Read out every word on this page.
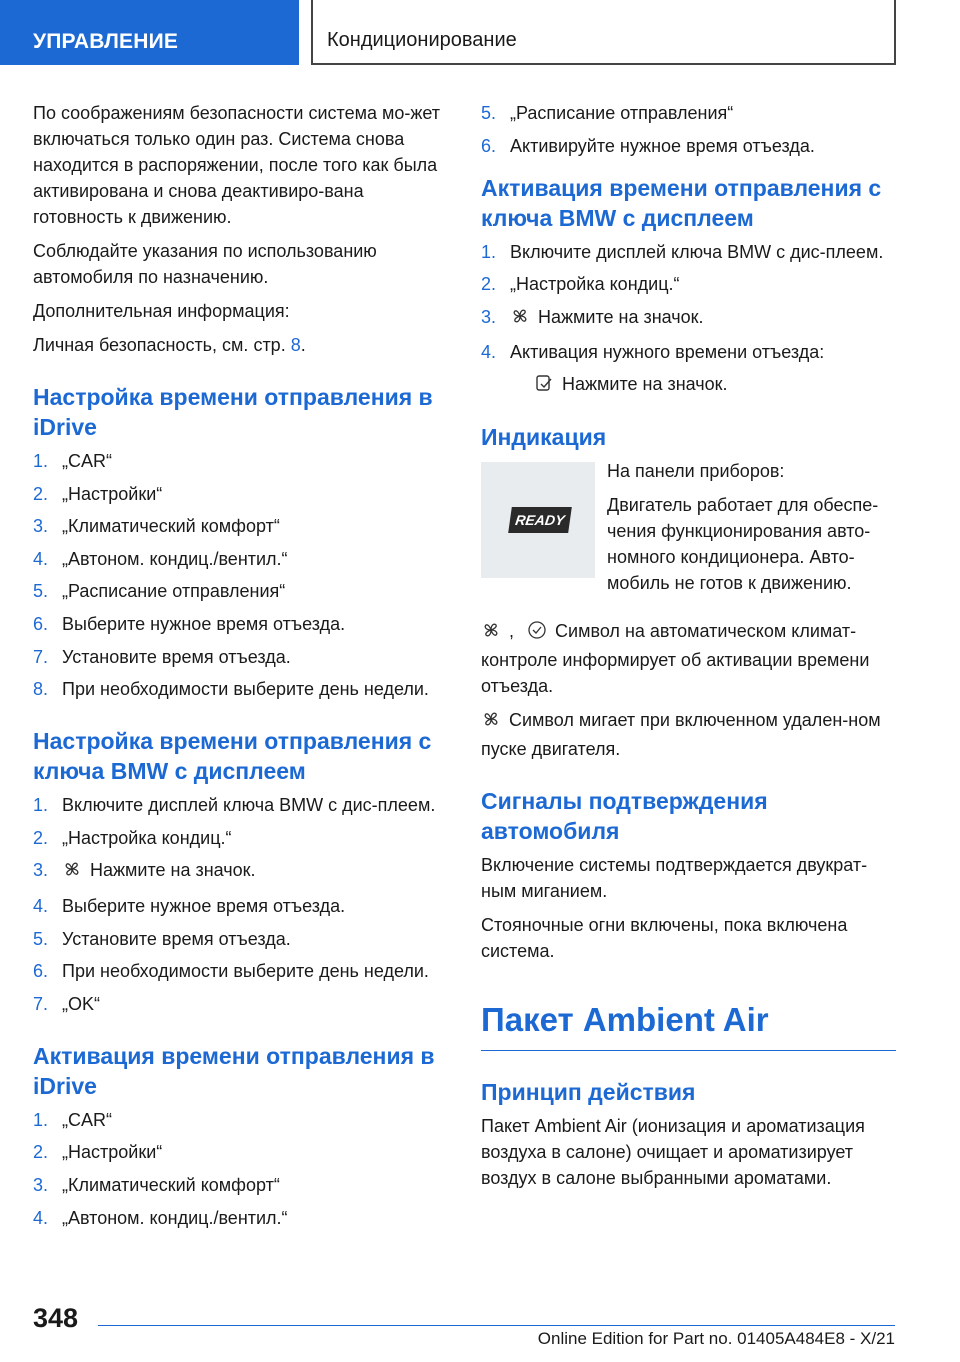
УПРАВЛЕНИЕ	Кондиционирование

По соображениям безопасности система мо-жет включаться только один раз. Система снова находится в распоряжении, после того как была активирована и снова деактивиро-вана готовность к движению.

Соблюдайте указания по использованию автомобиля по назначению.

Дополнительная информация:

Личная безопасность, см. стр. 8.

Настройка времени отправления в iDrive
1. „CAR“
2. „Настройки“
3. „Климатический комфорт“
4. „Автоном. кондиц./вентил.“
5. „Расписание отправления“
6. Выберите нужное время отъезда.
7. Установите время отъезда.
8. При необходимости выберите день недели.
Настройка времени отправления с ключа BMW с дисплеем
1. Включите дисплей ключа BMW с дис-плеем.
2. „Настройка кондиц.“
3. Нажмите на значок.
4. Выберите нужное время отъезда.
5. Установите время отъезда.
6. При необходимости выберите день недели.
7. „OK“
Активация времени отправления в iDrive
1. „CAR“
2. „Настройки“
3. „Климатический комфорт“
4. „Автоном. кондиц./вентил.“
5. „Расписание отправления“
6. Активируйте нужное время отъезда.
Активация времени отправления с ключа BMW с дисплеем
1. Включите дисплей ключа BMW с дис-плеем.
2. „Настройка кондиц.“
3. Нажмите на значок.
4. Активация нужного времени отъезда:
Нажмите на значок.
Индикация
READY

На панели приборов:

Двигатель работает для обеспе-чения функционирования авто-номного кондиционера. Авто-мобиль не готов к движению.

, Символ на автоматическом климат-контроле информирует об активации времени отъезда.

Символ мигает при включенном удален-ном пуске двигателя.

Сигналы подтверждения автомобиля

Включение системы подтверждается двукрат-ным миганием.

Стояночные огни включены, пока включена система.

Пакет Ambient Air
Принцип действия

Пакет Ambient Air (ионизация и ароматизация воздуха в салоне) очищает и ароматизирует воздух в салоне выбранными ароматами.

348
Online Edition for Part no. 01405A484E8 - X/21
